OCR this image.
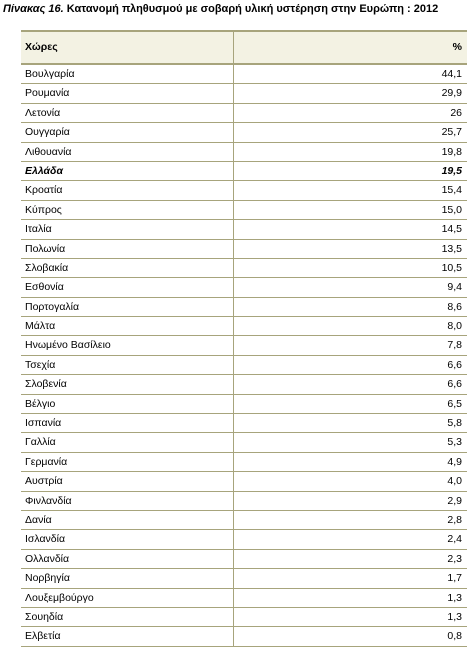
Πίνακας 16. Κατανομή πληθυσμού με σοβαρή υλική υστέρηση στην Ευρώπη : 2012
Χώρες	%
Βουλγαρία	44,1
Ρουμανία	29,9
Λετονία	26
Ουγγαρία	25,7
Λιθουανία	19,8
Ελλάδα	19,5
Κροατία	15,4
Κύπρος	15,0
Ιταλία	14,5
Πολωνία	13,5
Σλοβακία	10,5
Εσθονία	9,4
Πορτογαλία	8,6
Μάλτα	8,0
Ηνωμένο Βασίλειο	7,8
Τσεχία	6,6
Σλοβενία	6,6
Βέλγιο	6,5
Ισπανία	5,8
Γαλλία	5,3
Γερμανία	4,9
Αυστρία	4,0
Φινλανδία	2,9
Δανία	2,8
Ισλανδία	2,4
Ολλανδία	2,3
Νορβηγία	1,7
Λουξεμβούργο	1,3
Σουηδία	1,3
Ελβετία	0,8
